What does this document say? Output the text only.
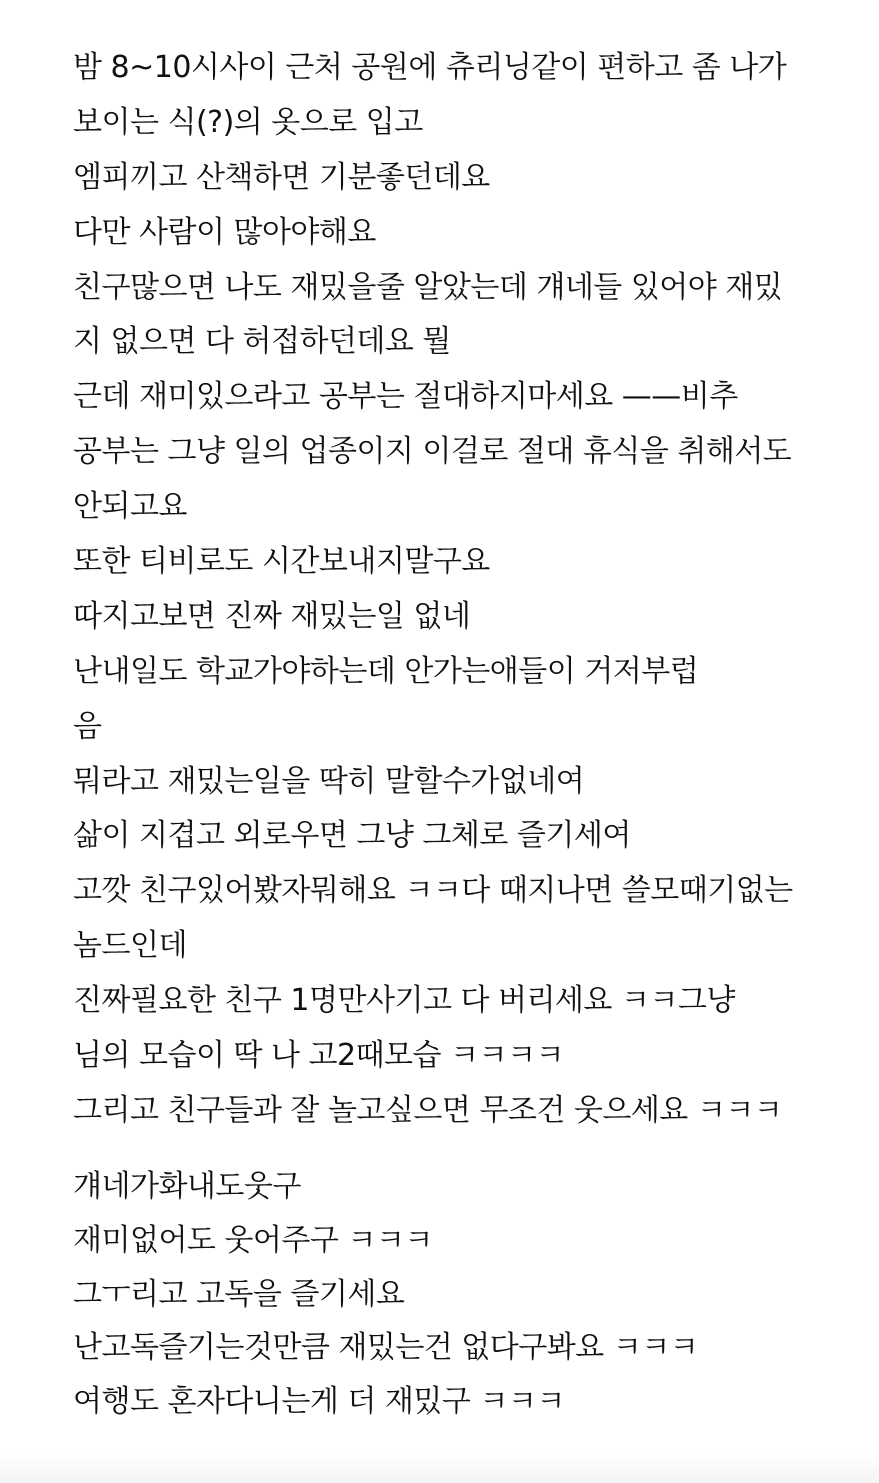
밤 8~10시사이 근처 공원에 츄리닝같이 편하고 좀 나가
보이는 식(?)의 옷으로 입고
엠피끼고 산책하면 기분좋던데요
다만 사람이 많아야해요
친구많으면 나도 재밌을줄 알았는데 걔네들 있어야 재밌
지 없으면 다 허접하던데요 뭘
근데 재미있으라고 공부는 절대하지마세요 ——비추
공부는 그냥 일의 업종이지 이걸로 절대 휴식을 취해서도
안되고요
또한 티비로도 시간보내지말구요
따지고보면 진짜 재밌는일 없네
난내일도 학교가야하는데 안가는애들이 거저부럽
음
뭐라고 재밌는일을 딱히 말할수가없네여
삶이 지겹고 외로우면 그냥 그체로 즐기세여
고깟 친구있어봤자뭐해요 ㅋㅋ다 때지나면 쓸모때기없는
놈드인데
진짜필요한 친구 1명만사기고 다 버리세요 ㅋㅋ그냥
님의 모습이 딱 나 고2때모습 ㅋㅋㅋㅋ
그리고 친구들과 잘 놀고싶으면 무조건 웃으세요 ㅋㅋㅋ
걔네가화내도웃구
재미없어도 웃어주구 ㅋㅋㅋ
그ㅜ리고 고독을 즐기세요
난고독즐기는것만큼 재밌는건 없다구봐요 ㅋㅋㅋ
여행도 혼자다니는게 더 재밌구 ㅋㅋㅋ
